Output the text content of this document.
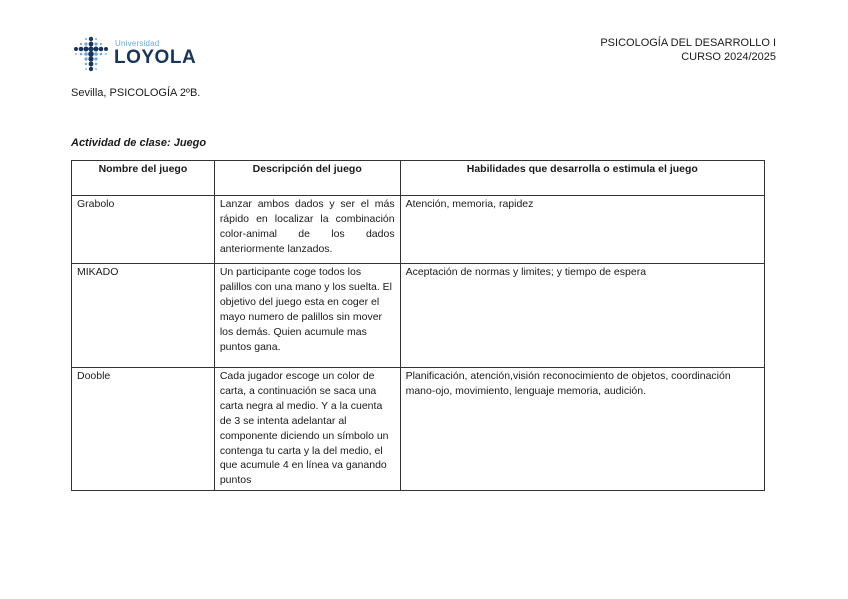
Universidad
LOYOLA
PSICOLOGÍA DEL DESARROLLO I
CURSO 2024/2025
Sevilla, PSICOLOGÍA 2ºB.
Actividad de clase: Juego
Nombre del juego	Descripción del juego	Habilidades que desarrolla o estimula el juego
Grabolo	Lanzar ambos dados y ser el más rápido en localizar la combinación color-animal de los dados anteriormente lanzados.	Atención, memoria, rapidez
MIKADO	Un participante coge todos los palillos con una mano y los suelta. El objetivo del juego esta en coger el mayo numero de palillos sin mover los demás. Quien acumule mas puntos gana.	Aceptación de normas y limites; y tiempo de espera
Dooble	Cada jugador escoge un color de carta, a continuación se saca una carta negra al medio. Y a la cuenta de 3 se intenta adelantar al componente diciendo un símbolo un contenga tu carta y la del medio, el que acumule 4 en línea va ganando puntos	Planificación, atención,visión reconocimiento de objetos, coordinación mano-ojo, movimiento, lenguaje memoria, audición.
